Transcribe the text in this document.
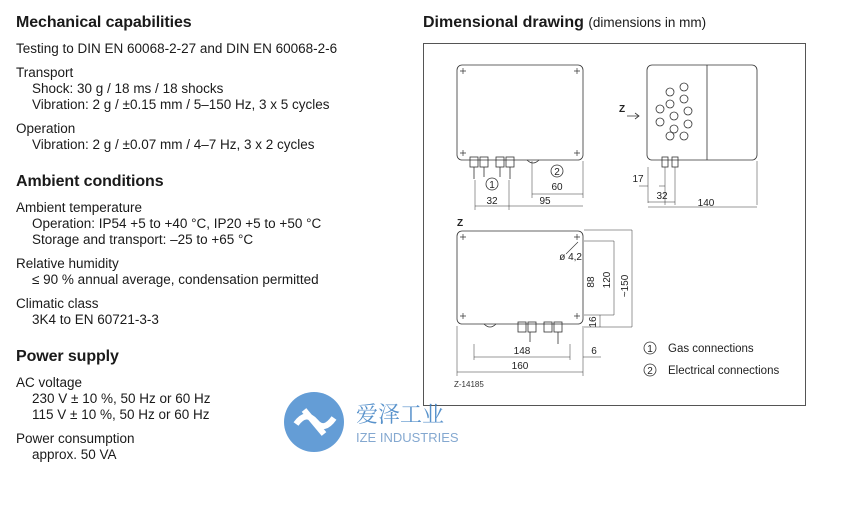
Mechanical capabilities
Testing to DIN EN 60068-2-27 and DIN EN 60068-2-6
Transport
Shock: 30 g / 18 ms / 18 shocks
Vibration: 2 g / ±0.15 mm / 5–150 Hz, 3 x 5 cycles
Operation
Vibration: 2 g / ±0.07 mm / 4–7 Hz, 3 x 2 cycles
Ambient conditions
Ambient temperature
Operation: IP54 +5 to +40 °C, IP20 +5 to +50 °C
Storage and transport: –25 to +65 °C
Relative humidity
≤ 90 % annual average, condensation permitted
Climatic class
3K4 to EN 60721-3-3
Power supply
AC voltage
230 V ± 10 %, 50 Hz or 60 Hz
115 V ± 10 %, 50 Hz or 60 Hz
Power consumption
approx. 50 VA
Dimensional drawing (dimensions in mm)
1
2
60
32	95
17
32
140
Z
Z
ø 4,2
120
88 ~150
16
148	6
160
Z-14185
1 Gas connections
2 Electrical connections
爱泽工业
IZE INDUSTRIES
